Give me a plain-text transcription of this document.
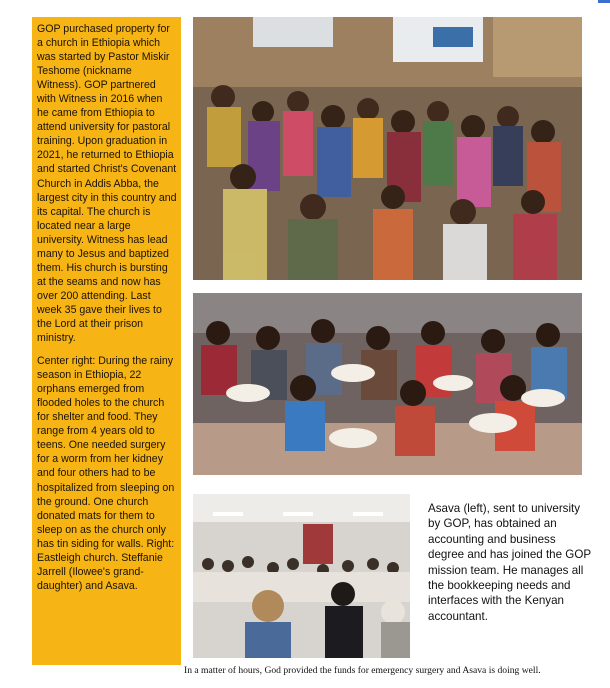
GOP purchased property for a church in Ethiopia which was started by Pastor Miskir Teshome (nickname Witness). GOP partnered with Witness in 2016 when he came from Ethiopia to attend university for pastoral training. Upon graduation in 2021, he returned to Ethiopia and started Christ's Covenant Church in Addis Abba, the largest city in this country and its capital. The church is located near a large university. Witness has lead many to Jesus and baptized them. His church is bursting at the seams and now has over 200 attending. Last week 35 gave their lives to the Lord at their prison ministry.

Center right: During the rainy season in Ethiopia, 22 orphans emerged from flooded holes to the church for shelter and food. They range from 4 years old to teens. One needed surgery for a worm from her kidney and four others had to be hospitalized from sleeping on the ground. One church donated mats for them to sleep on as the church only has tin siding for walls. Right: Eastleigh church. Steffanie Jarrell (Ilowee's grand-daughter) and Asava.

Asava (left), sent to university by GOP, has obtained an accounting and business degree and has joined the GOP mission team. He manages all the bookkeeping needs and interfaces with the Kenyan accountant.
In a matter of hours, God provided the funds for emergency surgery and Asava is doing well.
